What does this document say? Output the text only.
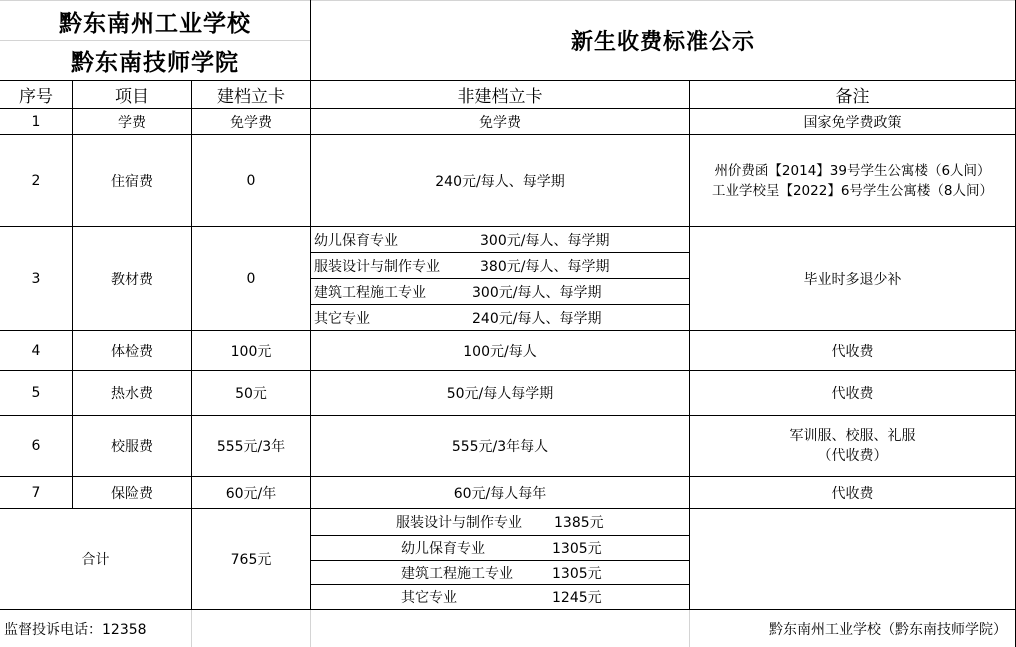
黔东南州工业学校
黔东南技师学院
新生收费标准公示
序号	项目	建档立卡	非建档立卡	备注
1	学费	免学费	免学费	国家免学费政策
2	住宿费	0	240元/每人、每学期
州价费函【2014】39号学生公寓楼（6人间）
工业学校呈【2022】6号学生公寓楼（8人间）
3	教材费	0
幼儿保育专业	300元/每人、每学期
服装设计与制作专业	380元/每人、每学期
建筑工程施工专业	300元/每人、每学期
其它专业	240元/每人、每学期
毕业时多退少补
4	体检费	100元	100元/每人	代收费
5	热水费	50元	50元/每人每学期	代收费
6	校服费	555元/3年	555元/3年每人
军训服、校服、礼服
（代收费）
7	保险费	60元/年	60元/每人每年	代收费
合计	765元
服装设计与制作专业	1385元
幼儿保育专业	1305元
建筑工程施工专业	1305元
其它专业	1245元
监督投诉电话：12358	黔东南州工业学校（黔东南技师学院）
